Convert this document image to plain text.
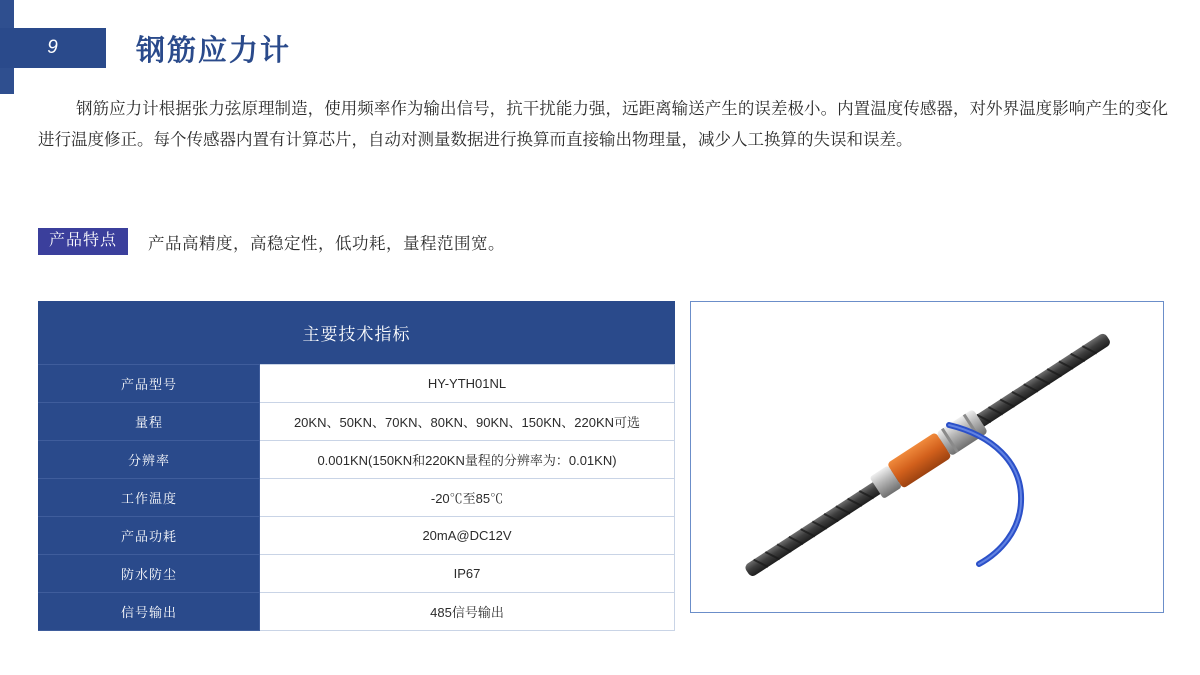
9	钢筋应力计
钢筋应力计根据张力弦原理制造，使用频率作为输出信号，抗干扰能力强，远距离输送产生的误差极小。内置温度传感器，对外界温度影响产生的变化进行温度修正。每个传感器内置有计算芯片，自动对测量数据进行换算而直接输出物理量，减少人工换算的失误和误差。
产品特点	产品高精度，高稳定性，低功耗，量程范围宽。
主要技术指标	
产品型号	HY-YTH01NL
量程	20KN、50KN、70KN、80KN、90KN、150KN、220KN可选
分辨率	0.001KN(150KN和220KN量程的分辨率为：0.01KN)
工作温度	-20℃至85℃
产品功耗	20mA@DC12V
防水防尘	IP67
信号输出	485信号输出
